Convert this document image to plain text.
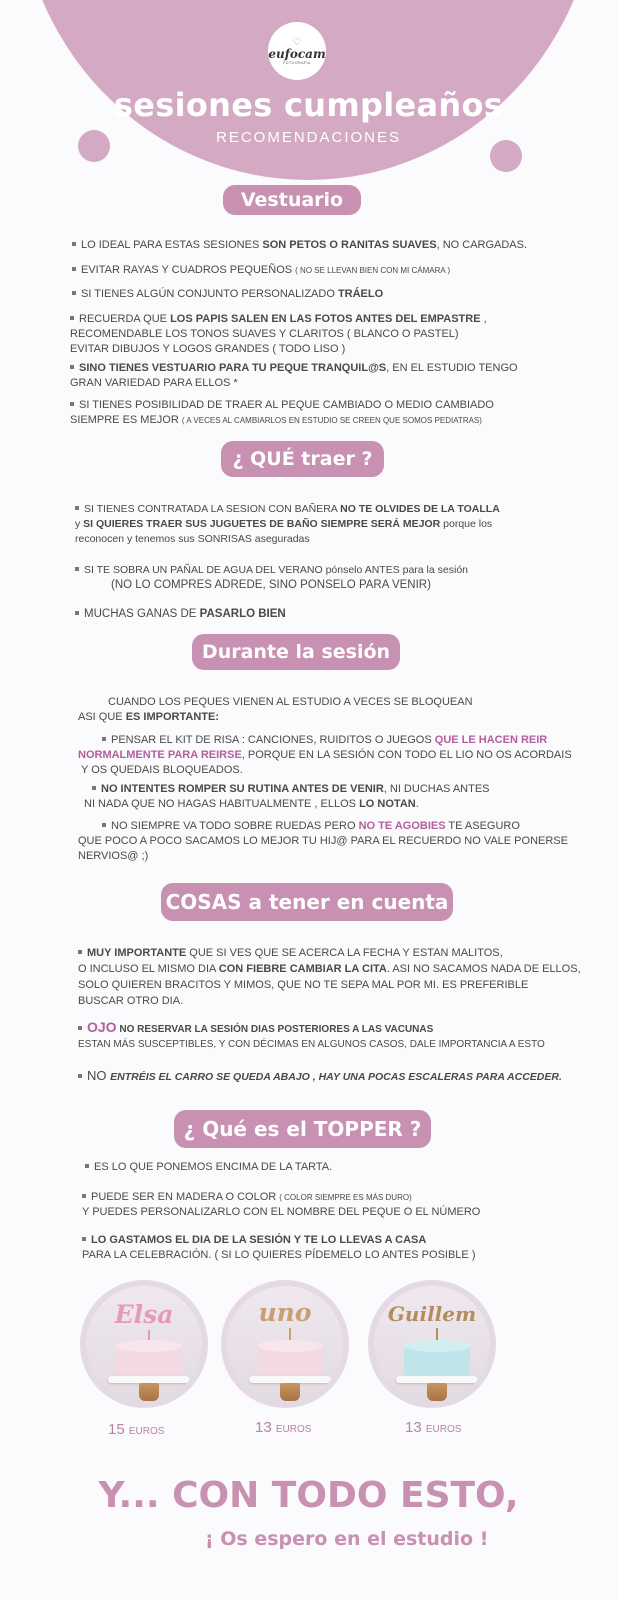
♡
eufocam
FOTOGRAFÍA
sesiones cumpleaños
RECOMENDACIONES
Vestuario
LO IDEAL PARA ESTAS SESIONES SON PETOS O RANITAS SUAVES, NO CARGADAS.
EVITAR RAYAS Y CUADROS PEQUEÑOS ( NO SE LLEVAN BIEN CON MI CÁMARA )
SI TIENES ALGÚN CONJUNTO PERSONALIZADO TRÁELO
RECUERDA QUE LOS PAPIS SALEN EN LAS FOTOS ANTES DEL EMPASTRE ,
RECOMENDABLE LOS TONOS SUAVES Y CLARITOS ( BLANCO O PASTEL)
EVITAR DIBUJOS Y LOGOS GRANDES ( TODO LISO )
SINO TIENES VESTUARIO PARA TU PEQUE TRANQUIL@S, EN EL ESTUDIO TENGO
GRAN VARIEDAD PARA ELLOS *
SI TIENES POSIBILIDAD DE TRAER AL PEQUE CAMBIADO O MEDIO CAMBIADO
SIEMPRE ES MEJOR ( A VECES AL CAMBIARLOS EN ESTUDIO SE CREEN QUE SOMOS PEDIATRAS)
¿ QUÉ traer ?
SI TIENES CONTRATADA LA SESION CON BAÑERA NO TE OLVIDES DE LA TOALLA
y SI QUIERES TRAER SUS JUGUETES DE BAÑO SIEMPRE SERÁ MEJOR porque los
reconocen y tenemos sus SONRISAS aseguradas
SI TE SOBRA UN PAÑAL DE AGUA DEL VERANO pónselo ANTES para la sesión
(NO LO COMPRES ADREDE, SINO PONSELO PARA VENIR)
MUCHAS GANAS DE PASARLO BIEN
Durante la sesión
CUANDO LOS PEQUES VIENEN AL ESTUDIO A VECES SE BLOQUEAN
ASI QUE ES IMPORTANTE:
PENSAR EL KIT DE RISA : CANCIONES, RUIDITOS O JUEGOS QUE LE HACEN REIR
NORMALMENTE PARA REIRSE, PORQUE EN LA SESIÓN CON TODO EL LIO NO OS ACORDAIS
Y OS QUEDAIS BLOQUEADOS.
NO INTENTES ROMPER SU RUTINA ANTES DE VENIR, NI DUCHAS ANTES
NI NADA QUE NO HAGAS HABITUALMENTE , ELLOS LO NOTAN.
NO SIEMPRE VA TODO SOBRE RUEDAS PERO NO TE AGOBIES TE ASEGURO
QUE POCO A POCO SACAMOS LO MEJOR TU HIJ@ PARA EL RECUERDO NO VALE PONERSE
NERVIOS@ ;)
COSAS a tener en cuenta
MUY IMPORTANTE QUE SI VES QUE SE ACERCA LA FECHA Y ESTAN MALITOS,
O INCLUSO EL MISMO DIA CON FIEBRE CAMBIAR LA CITA. ASI NO SACAMOS NADA DE ELLOS,
SOLO QUIEREN BRACITOS Y MIMOS, QUE NO TE SEPA MAL POR MI. ES PREFERIBLE
BUSCAR OTRO DIA.
OJO NO RESERVAR LA SESIÓN DIAS POSTERIORES A LAS VACUNAS
ESTAN MÁS SUSCEPTIBLES, Y CON DÉCIMAS EN ALGUNOS CASOS, DALE IMPORTANCIA A ESTO
NO ENTRÉIS EL CARRO SE QUEDA ABAJO , HAY UNA POCAS ESCALERAS PARA ACCEDER.
¿ Qué es el TOPPER ?
ES LO QUE PONEMOS ENCIMA DE LA TARTA.
PUEDE SER EN MADERA O COLOR ( COLOR SIEMPRE ES MÁS DURO)
Y PUEDES PERSONALIZARLO CON EL NOMBRE DEL PEQUE O EL NÚMERO
LO GASTAMOS EL DIA DE LA SESIÓN Y TE LO LLEVAS A CASA
PARA LA CELEBRACIÓN. ( SI LO QUIERES PÍDEMELO LO ANTES POSIBLE )
Elsa	uno	Guillem
15 EUROS	13 EUROS	13 EUROS
Y... CON TODO ESTO,
¡ Os espero en el estudio !
